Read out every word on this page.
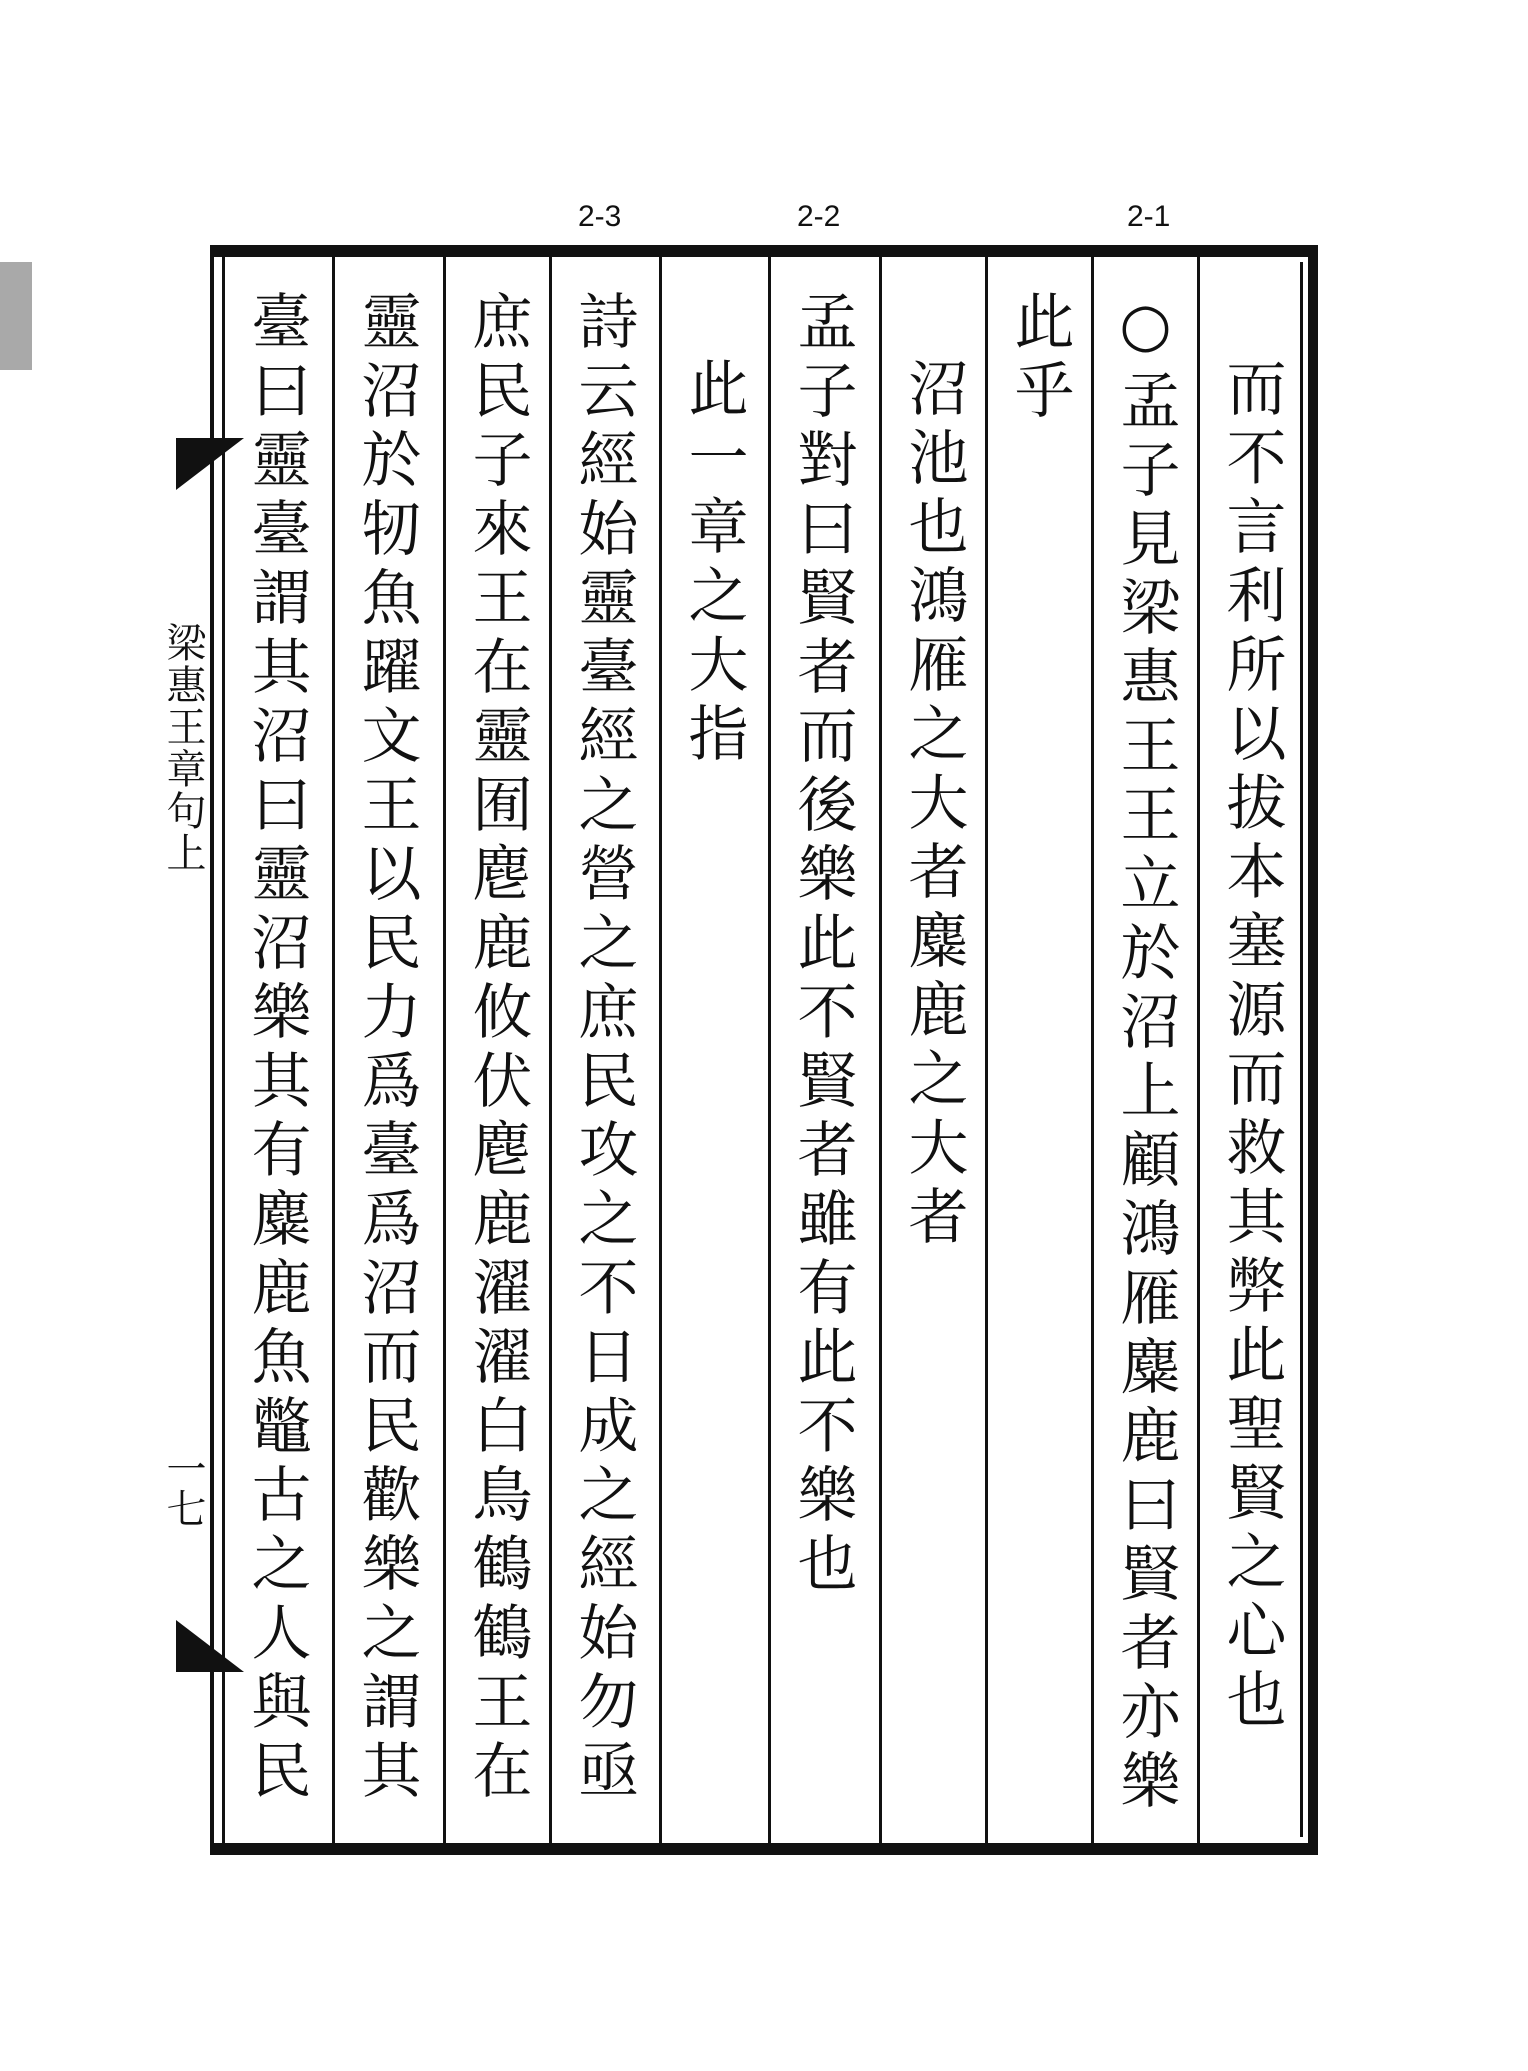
梁惠王章句上
一七
2-1
2-2
2-3
而不言利所以拔本塞源而救其弊此聖賢之心也
○孟子見梁惠王王立於沼上顧鴻雁麋鹿曰賢者亦樂
此乎
沼池也鴻雁之大者麋鹿之大者
孟子對曰賢者而後樂此不賢者雖有此不樂也
此一章之大指
詩云經始靈臺經之營之庶民攻之不日成之經始勿亟
庶民子來王在靈囿麀鹿攸伏麀鹿濯濯白鳥鶴鶴王在
靈沼於牣魚躍文王以民力爲臺爲沼而民歡樂之謂其
臺曰靈臺謂其沼曰靈沼樂其有麋鹿魚鼈古之人與民
